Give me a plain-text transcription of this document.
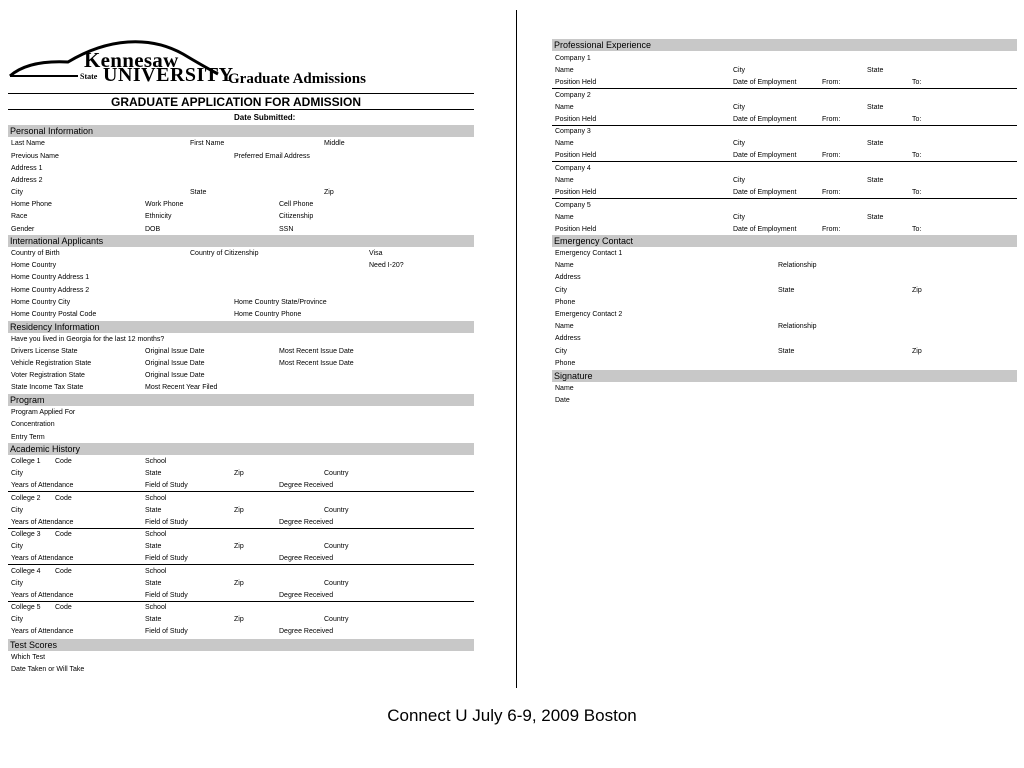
Kennesaw
State UNIVERSITY
Graduate Admissions
GRADUATE APPLICATION FOR ADMISSION
Date Submitted:
Personal Information
Last Name	First Name	Middle
Previous Name	Preferred Email Address
Address 1
Address 2
City	State	Zip
Home Phone	Work Phone	Cell Phone
Race	Ethnicity	Citizenship
Gender	DOB	SSN
International Applicants
Country of Birth	Country of Citizenship	Visa
Home Country	Need I-20?
Home Country Address 1
Home Country Address 2
Home Country City	Home Country State/Province
Home Country Postal Code	Home Country Phone
Residency Information
Have you lived in Georgia for the last 12 months?
Drivers License State	Original Issue Date	Most Recent Issue Date
Vehicle Registration State	Original Issue Date	Most Recent Issue Date
Voter Registration State	Original Issue Date
State Income Tax State	Most Recent Year Filed
Program
Program Applied For
Concentration
Entry Term
Academic History
College 1 Code	School
City	State	Zip	Country
Years of Attendance	Field of Study	Degree Received
College 2 Code	School
City	State	Zip	Country
Years of Attendance	Field of Study	Degree Received
College 3 Code	School
City	State	Zip	Country
Years of Attendance	Field of Study	Degree Received
College 4 Code	School
City	State	Zip	Country
Years of Attendance	Field of Study	Degree Received
College 5 Code	School
City	State	Zip	Country
Years of Attendance	Field of Study	Degree Received
Test Scores
Which Test
Date Taken or Will Take
Professional Experience
Company 1
Name	City	State
Position Held	Date of Employment	From:	To:
Company 2
Name	City	State
Position Held	Date of Employment	From:	To:
Company 3
Name	City	State
Position Held	Date of Employment	From:	To:
Company 4
Name	City	State
Position Held	Date of Employment	From:	To:
Company 5
Name	City	State
Position Held	Date of Employment	From:	To:
Emergency Contact
Emergency Contact 1
Name	Relationship
Address
City	State	Zip
Phone
Emergency Contact 2
Name	Relationship
Address
City	State	Zip
Phone
Signature
Name
Date
Connect U July 6-9, 2009 Boston
